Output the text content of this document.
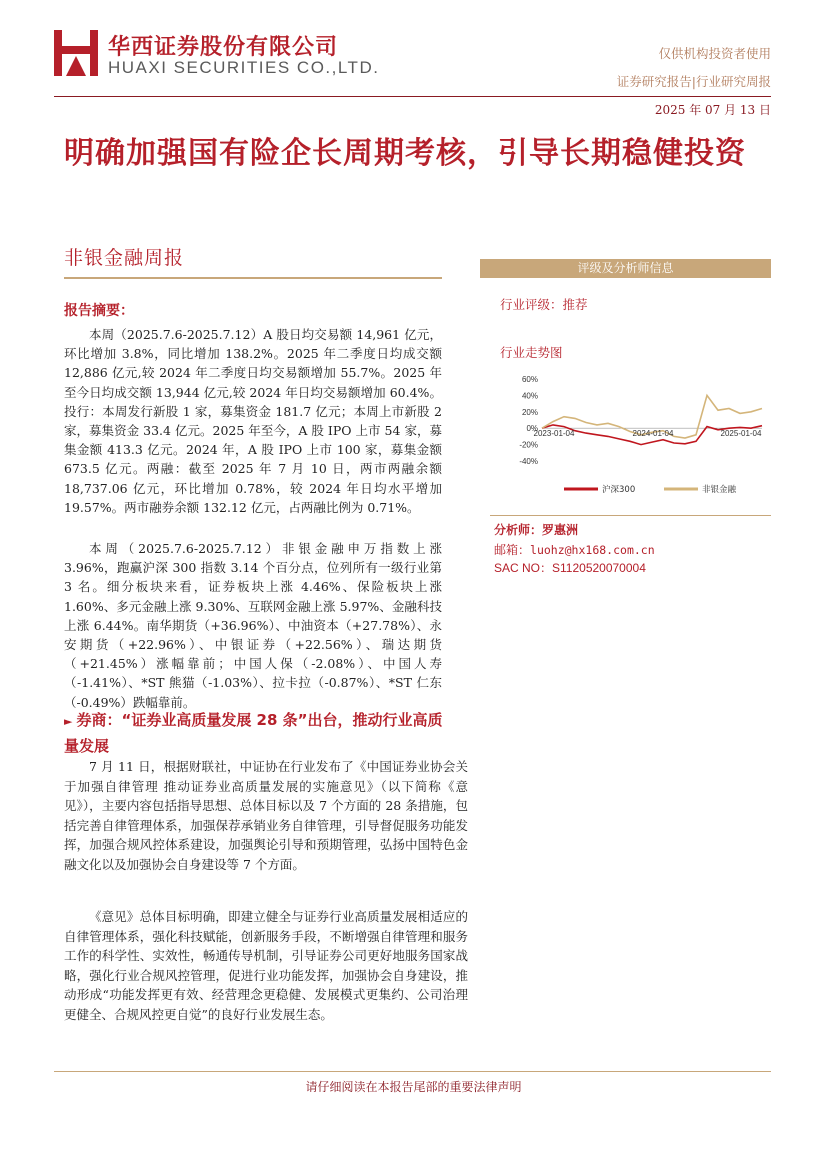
华西证券股份有限公司
HUAXI SECURITIES CO.,LTD.
仅供机构投资者使用
证券研究报告|行业研究周报
2025 年 07 月 13 日
明确加强国有险企长周期考核，引导长期稳健投资
非银金融周报
报告摘要：

本周（2025.7.6-2025.7.12）A 股日均交易额 14,961 亿元，环比增加 3.8%，同比增加 138.2%。2025 年二季度日均成交额 12,886 亿元,较 2024 年二季度日均交易额增加 55.7%。2025 年至今日均成交额 13,944 亿元,较 2024 年日均交易额增加 60.4%。投行：本周发行新股 1 家，募集资金 181.7 亿元；本周上市新股 2 家，募集资金 33.4 亿元。2025 年至今，A 股 IPO 上市 54 家，募集金额 413.3 亿元。2024 年，A 股 IPO 上市 100 家，募集金额 673.5 亿元。两融：截至 2025 年 7 月 10 日，两市两融余额 18,737.06 亿元，环比增加 0.78%，较 2024 年日均水平增加 19.57%。两市融券余额 132.12 亿元，占两融比例为 0.71%。

本周（2025.7.6-2025.7.12）非银金融申万指数上涨 3.96%，跑赢沪深 300 指数 3.14 个百分点，位列所有一级行业第 3 名。细分板块来看，证券板块上涨 4.46%、保险板块上涨 1.60%、多元金融上涨 9.30%、互联网金融上涨 5.97%、金融科技上涨 6.44%。南华期货（+36.96%）、中油资本（+27.78%）、永安期货（+22.96%）、中银证券（+22.56%）、瑞达期货（+21.45%）涨幅靠前；中国人保（-2.08%）、中国人寿（-1.41%）、*ST 熊猫（-1.03%）、拉卡拉（-0.87%）、*ST 仁东（-0.49%）跌幅靠前。

► 券商：“证券业高质量发展 28 条”出台，推动行业高质量发展

7 月 11 日，根据财联社，中证协在行业发布了《中国证券业协会关于加强自律管理 推动证券业高质量发展的实施意见》（以下简称《意见》），主要内容包括指导思想、总体目标以及 7 个方面的 28 条措施，包括完善自律管理体系，加强保荐承销业务自律管理，引导督促服务功能发挥，加强合规风控体系建设，加强舆论引导和预期管理，弘扬中国特色金融文化以及加强协会自身建设等 7 个方面。

《意见》总体目标明确，即建立健全与证券行业高质量发展相适应的自律管理体系，强化科技赋能，创新服务手段，不断增强自律管理和服务工作的科学性、实效性，畅通传导机制，引导证券公司更好地服务国家战略，强化行业合规风控管理，促进行业功能发挥，加强协会自身建设，推动形成“功能发挥更有效、经营理念更稳健、发展模式更集约、公司治理更健全、合规风控更自觉”的良好行业发展生态。

评级及分析师信息
行业评级：推荐
行业走势图
60%
40%
20%
0%
-20%
-40%
2023-01-04	2024-01-04	2025-01-04
沪深300	非银金融
分析师：罗惠洲
邮箱：luohz@hx168.com.cn
SAC NO：S1120520070004
请仔细阅读在本报告尾部的重要法律声明
